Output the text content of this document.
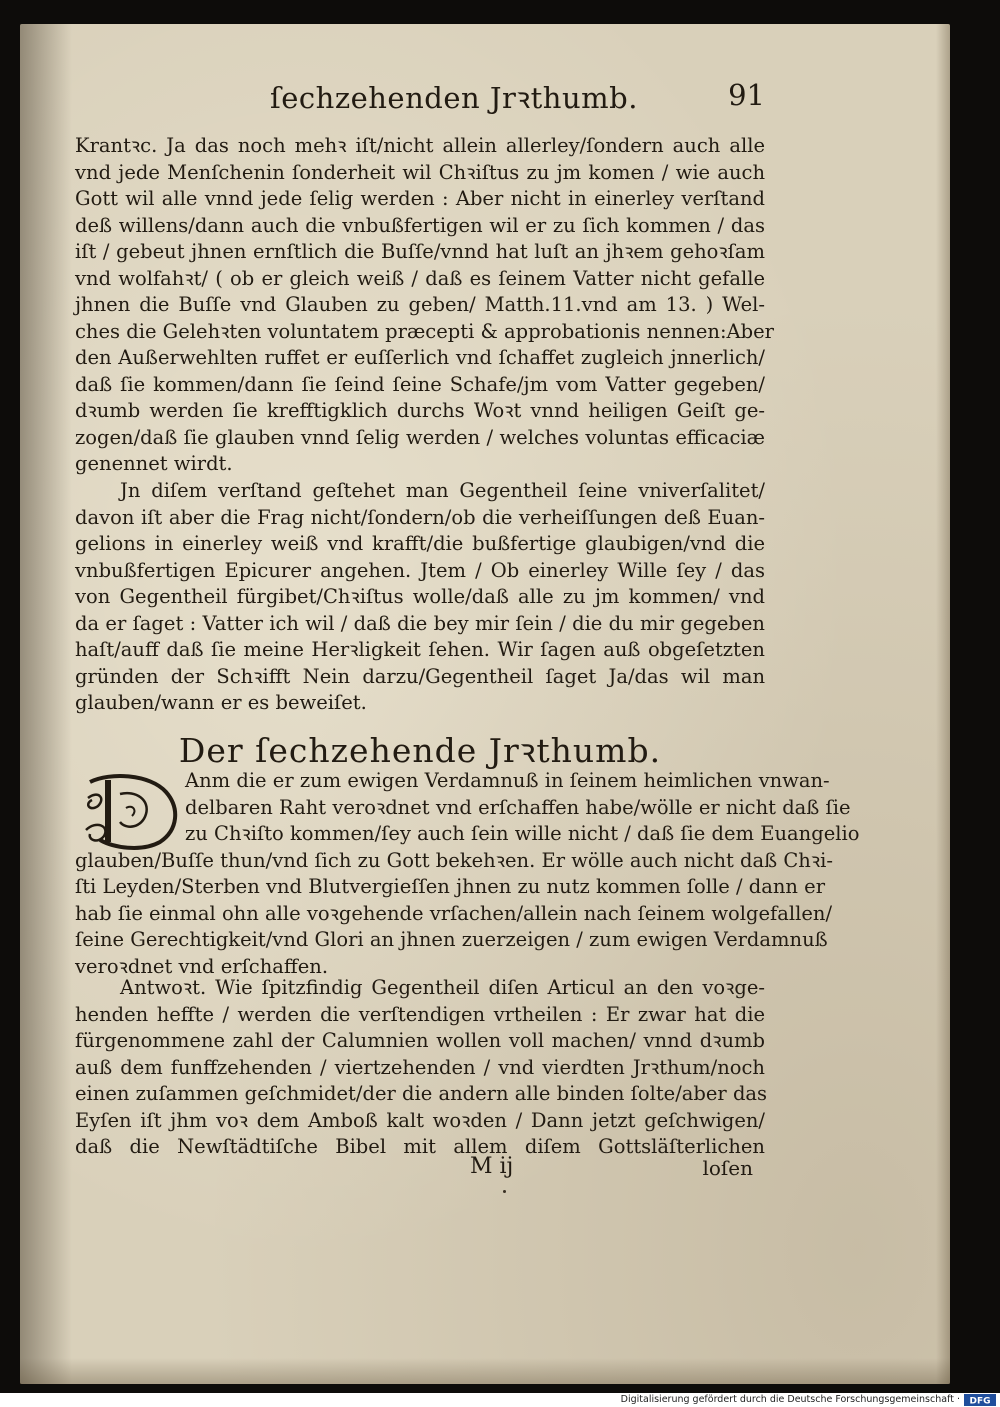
ſechzehenden Jrꝛthumb.	91
Krantꝛc. Ja das noch mehꝛ iſt/nicht allein allerley/ſondern auch alle
vnd jede Menſchenin ſonderheit wil Chꝛiſtus zu jm komen / wie auch
Gott wil alle vnnd jede ſelig werden : Aber nicht in einerley verſtand
deß willens/dann auch die vnbußfertigen wil er zu ſich kommen / das
iſt / gebeut jhnen ernſtlich die Buſſe/vnnd hat luſt an jhꝛem gehoꝛſam
vnd wolfahꝛt/ ( ob er gleich weiß / daß es ſeinem Vatter nicht gefalle
jhnen die Buſſe vnd Glauben zu geben/ Matth.11.vnd am 13. ) Wel-
ches die Gelehꝛten voluntatem præcepti & approbationis nennen:Aber
den Außerwehlten ruffet er euſſerlich vnd ſchaffet zugleich jnnerlich/
daß ſie kommen/dann ſie ſeind ſeine Schafe/jm vom Vatter gegeben/
dꝛumb werden ſie krefftigklich durchs Woꝛt vnnd heiligen Geiſt ge-
zogen/daß ſie glauben vnnd ſelig werden / welches voluntas efficaciæ
genennet wirdt.
Jn diſem verſtand geſtehet man Gegentheil ſeine vniverſalitet/
davon iſt aber die Frag nicht/ſondern/ob die verheiſſungen deß Euan-
gelions in einerley weiß vnd krafft/die bußfertige glaubigen/vnd die
vnbußfertigen Epicurer angehen. Jtem / Ob einerley Wille ſey / das
von Gegentheil fürgibet/Chꝛiſtus wolle/daß alle zu jm kommen/ vnd
da er ſaget : Vatter ich wil / daß die bey mir ſein / die du mir gegeben
haſt/auff daß ſie meine Herꝛligkeit ſehen. Wir ſagen auß obgeſetzten
gründen der Schꝛifft Nein darzu/Gegentheil ſaget Ja/das wil man
glauben/wann er es beweiſet.
Der ſechzehende Jrꝛthumb.
Anm die er zum ewigen Verdamnuß in ſeinem heimlichen vnwan-
delbaren Raht veroꝛdnet vnd erſchaffen habe/wölle er nicht daß ſie
zu Chꝛiſto kommen/ſey auch ſein wille nicht / daß ſie dem Euangelio
glauben/Buſſe thun/vnd ſich zu Gott bekehꝛen. Er wölle auch nicht daß Chꝛi-
ſti Leyden/Sterben vnd Blutvergieſſen jhnen zu nutz kommen ſolle / dann er
hab ſie einmal ohn alle voꝛgehende vrſachen/allein nach ſeinem wolgefallen/
ſeine Gerechtigkeit/vnd Glori an jhnen zuerzeigen / zum ewigen Verdamnuß
veroꝛdnet vnd erſchaffen.
Antwoꝛt. Wie ſpitzfindig Gegentheil diſen Articul an den voꝛge-
henden heffte / werden die verſtendigen vrtheilen : Er zwar hat die
fürgenommene zahl der Calumnien wollen voll machen/ vnnd dꝛumb
auß dem funffzehenden / viertzehenden / vnd vierdten Jrꝛthum/noch
einen zuſammen geſchmidet/der die andern alle binden ſolte/aber das
Eyſen iſt jhm voꝛ dem Amboß kalt woꝛden / Dann jetzt geſchwigen/
daß die Newſtädtiſche Bibel mit allem diſem Gottsläſterlichen
M ij	loſen
Digitalisierung gefördert durch die Deutsche Forschungsgemeinschaft · DFG
